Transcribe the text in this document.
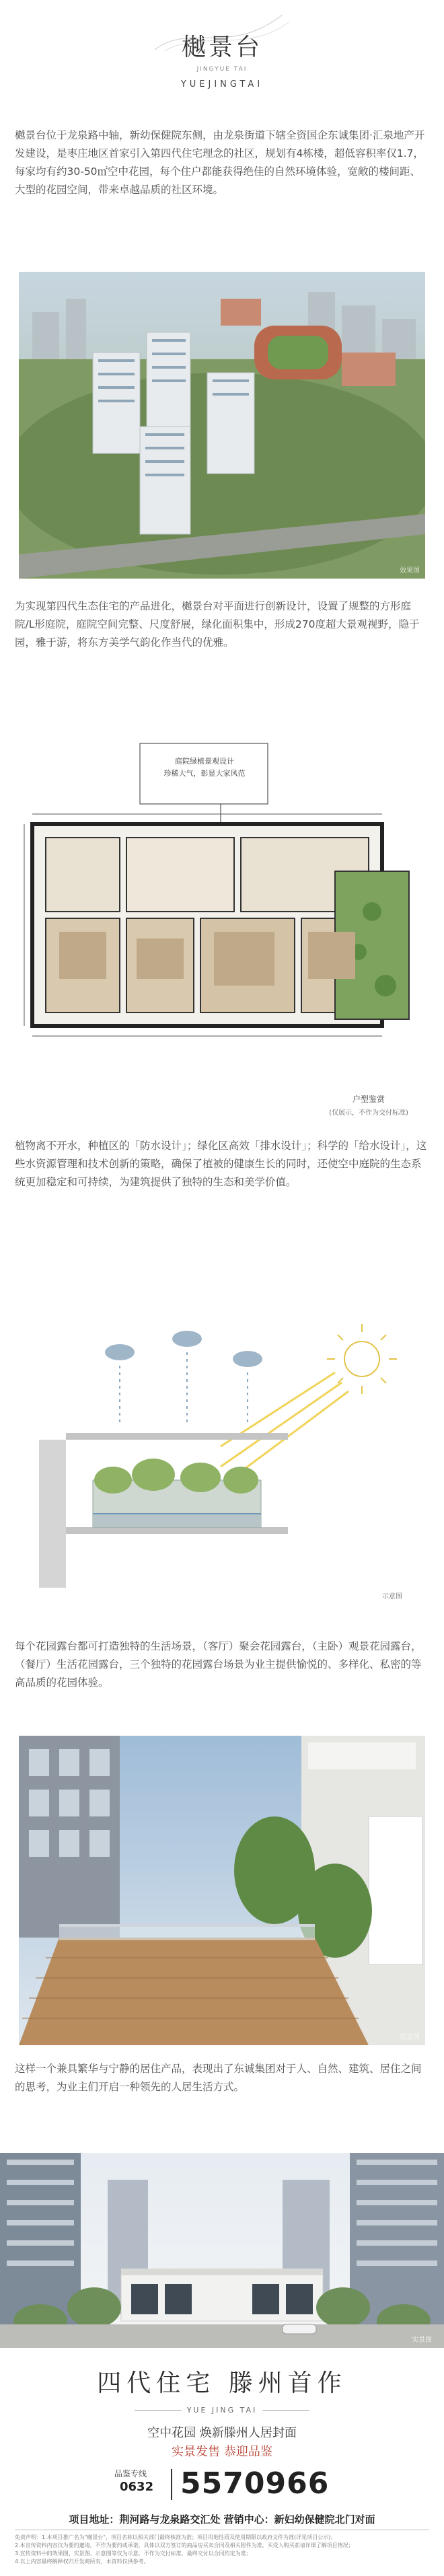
樾景台
JINGYUE TAI
YUEJINGTAI
樾景台位于龙泉路中轴，新幼保健院东侧，由龙泉街道下辖全资国企东诚集团·汇泉地产开发建设，是枣庄地区首家引入第四代住宅理念的社区，规划有4栋楼，超低容积率仅1.7，每家均有约30-50㎡空中花园，每个住户都能获得绝佳的自然环境体验，宽敞的楼间距、大型的花园空间，带来卓越品质的社区环境。
效果图
为实现第四代生态住宅的产品进化，樾景台对平面进行创新设计，设置了规整的方形庭院/L形庭院，庭院空间完整、尺度舒展，绿化面积集中，形成270度超大景观视野，隐于园，雅于游，将东方美学气韵化作当代的优雅。
庭院绿植景观设计
珍稀大气，彰显大家风范
户型鉴赏
(仅展示，不作为交付标准)
植物离不开水，种植区的「防水设计」；绿化区高效「排水设计」；科学的「给水设计」，这些水资源管理和技术创新的策略，确保了植被的健康生长的同时，还使空中庭院的生态系统更加稳定和可持续，为建筑提供了独特的生态和美学价值。
示意图
每个花园露台都可打造独特的生活场景，（客厅）聚会花园露台，（主卧）观景花园露台，（餐厅）生活花园露台，三个独特的花园露台场景为业主提供愉悦的、多样化、私密的等高品质的花园体验。
实景图
这样一个兼具繁华与宁静的居住产品，表现出了东诚集团对于人、自然、建筑、居住之间的思考，为业主们开启一种领先的人居生活方式。
实景图
四代住宅 滕州首作
YUE JING TAI
空中花园 焕新滕州人居封面
实景发售 恭迎品鉴
品鉴专线
0632 5570966
项目地址：荆河路与龙泉路交汇处 营销中心：新妇幼保健院北门对面
免责声明：1.本项目推广名为"樾景台"，项目名称以相关部门最终核准为准；项目用地性质及使用期限以政府文件为准(详见项目公示)；
2.本宣传资料内容仅为要约邀请，不作为要约或承诺，具体以双方签订的商品房买卖合同及相关附件为准，买受人购买前请详细了解项目情况；
3.宣传资料中的效果图、实景图、示意图等仅为示意，不作为交付标准，最终交付以合同约定为准；
4.以上内容最终解释权归开发商所有，本资料仅供参考。
